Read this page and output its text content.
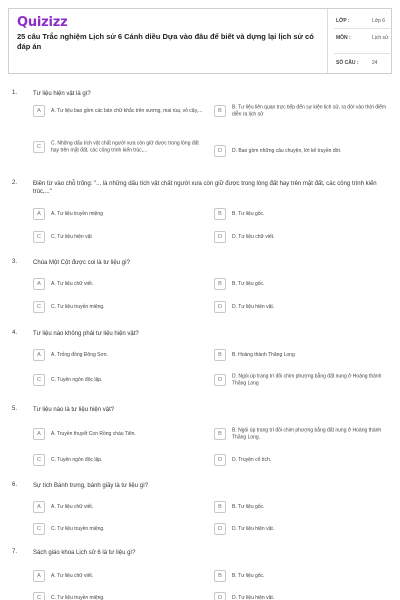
Quizizz
25 câu Trắc nghiệm Lịch sử 6 Cánh diều Dựa vào đâu để biết và dựng lại lịch sử có đáp án
LỚP :	Lớp 6
MÔN :	Lịch sử
SỐ CÂU :	24
1.	Tư liệu hiện vật là gì?
A	A. Tư liệu bao gồm các bản chữ khắc trên xương, mai rùa, vỏ cây,...	B
B. Tư liệu liên quan trực tiếp đến sự kiện lịch sử, ra đời vào thời điểm diễn ra lịch sử
C
C. Những dấu tích vật chất người xưa còn giữ được trong lòng đất hay trên mặt đất, các công trình kiến trúc,...	D	D. Bao gồm những câu chuyện, lời kể truyền đời.
2.	Điền từ vào chỗ trống: "... là những dấu tích vật chất người xưa còn giữ được trong lòng đất hay trên mặt đất, các công trình kiến trúc,..."
A	A. Tư liệu truyền miệng	B	B. Tư liệu gốc.
C	C. Tư liệu hiện vật	D	D. Tư liệu chữ viết.
3.	Chùa Một Cột được coi là tư liệu gì?
A	A. Tư liệu chữ viết.	B	B. Tư liệu gốc.
C	C. Tư liệu truyền miệng.	D	D. Tư liệu hiện vật.
4.	Tư liệu nào không phải tư liệu hiện vật?
A	A. Trống đồng Đông Sơn.	B	B. Hoàng thành Thăng Long
C	C. Tuyên ngôn độc lập.	D
D. Ngói úp trang trí đôi chim phượng bằng đất nung ở Hoàng thành Thăng Long
5.	Tư liệu nào là tư liệu hiện vật?
A	A. Truyền thuyết Con Rồng cháu Tiên.	B
B. Ngói úp trang trí đôi chim phượng bằng đất nung ở Hoàng thành Thăng Long.
C	C. Tuyên ngôn độc lập.	D	D. Truyện cổ tích.
6.	Sự tích Bánh trưng, bánh giầy là tư liệu gì?
A	A. Tư liệu chữ viết.	B	B. Tư liệu gốc.
C	C. Tư liệu truyền miệng.	D	D. Tư liệu hiện vật.
7.	Sách giáo khoa Lịch sử 6 là tư liệu gì?
A	A. Tư liệu chữ viết.	B	B. Tư liệu gốc.
C	C. Tư liệu truyền miệng.	D	D. Tư liệu hiện vật.
